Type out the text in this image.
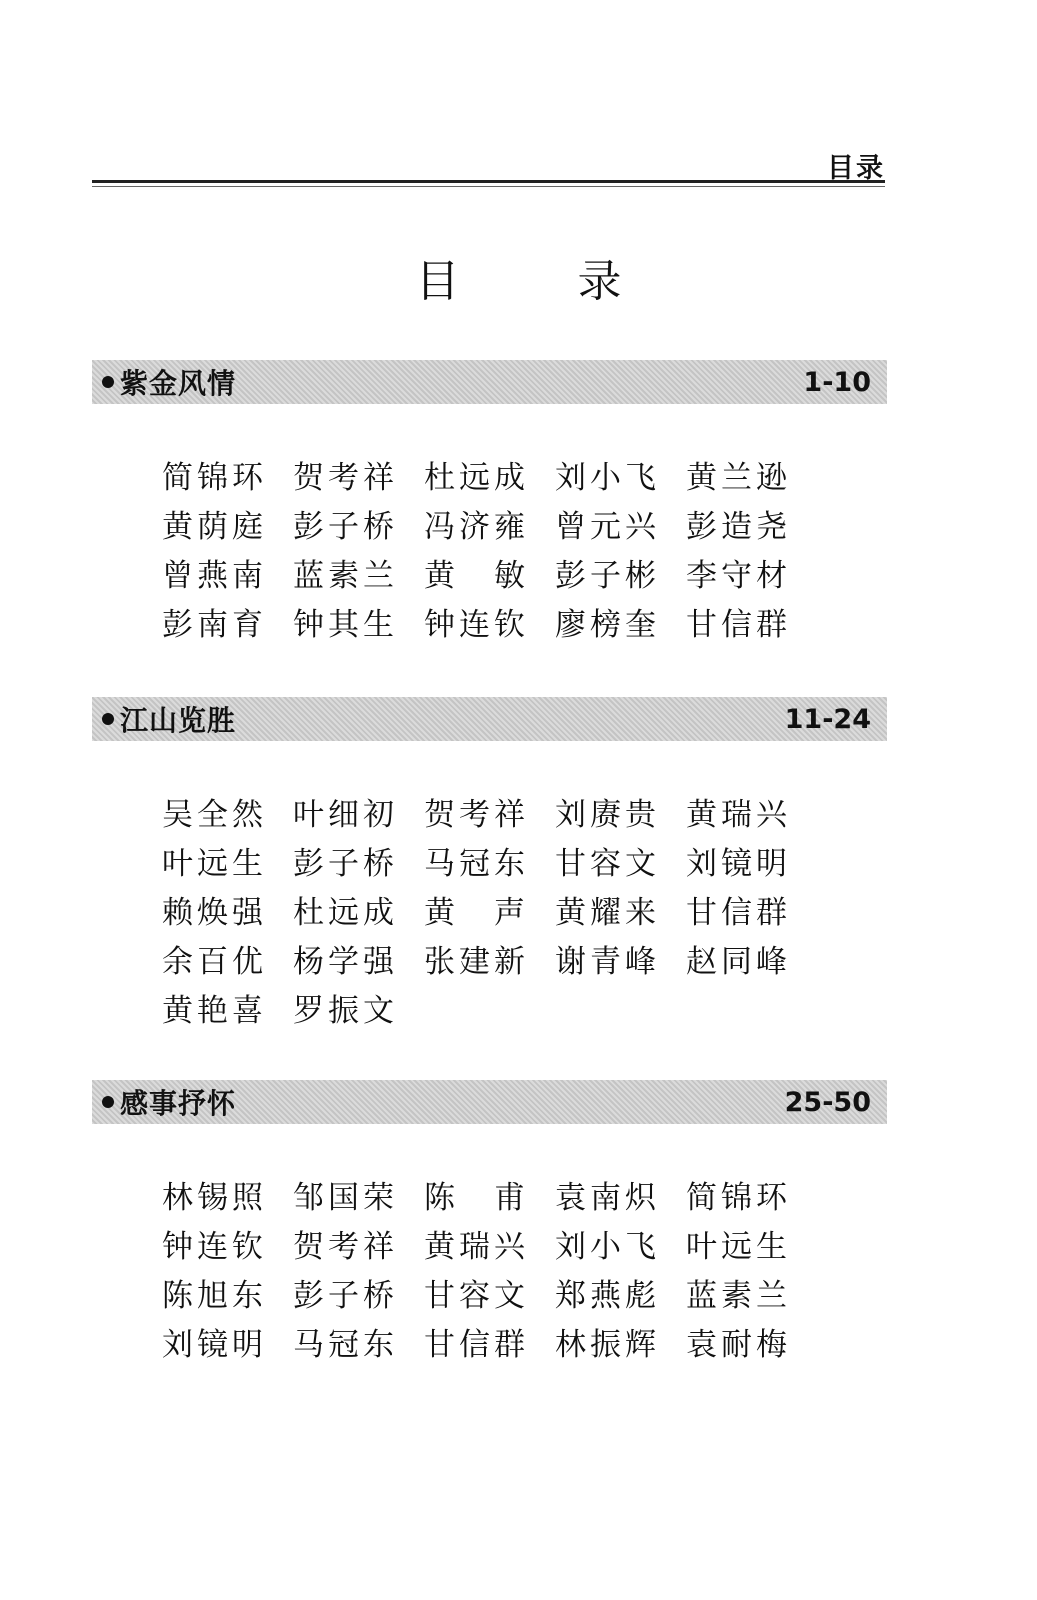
目录
目 录
紫金风情	1-10
简锦环 贺考祥 杜远成 刘小飞 黄兰逊
黄荫庭 彭子桥 冯济雍 曾元兴 彭造尧
曾燕南 蓝素兰 黄　敏 彭子彬 李守材
彭南育 钟其生 钟连钦 廖榜奎 甘信群
江山览胜	11-24
吴全然 叶细初 贺考祥 刘赓贵 黄瑞兴
叶远生 彭子桥 马冠东 甘容文 刘镜明
赖焕强 杜远成 黄　声 黄耀来 甘信群
余百优 杨学强 张建新 谢青峰 赵同峰
黄艳喜 罗振文
感事抒怀	25-50
林锡照 邹国荣 陈　甫 袁南炽 简锦环
钟连钦 贺考祥 黄瑞兴 刘小飞 叶远生
陈旭东 彭子桥 甘容文 郑燕彪 蓝素兰
刘镜明 马冠东 甘信群 林振辉 袁耐梅
